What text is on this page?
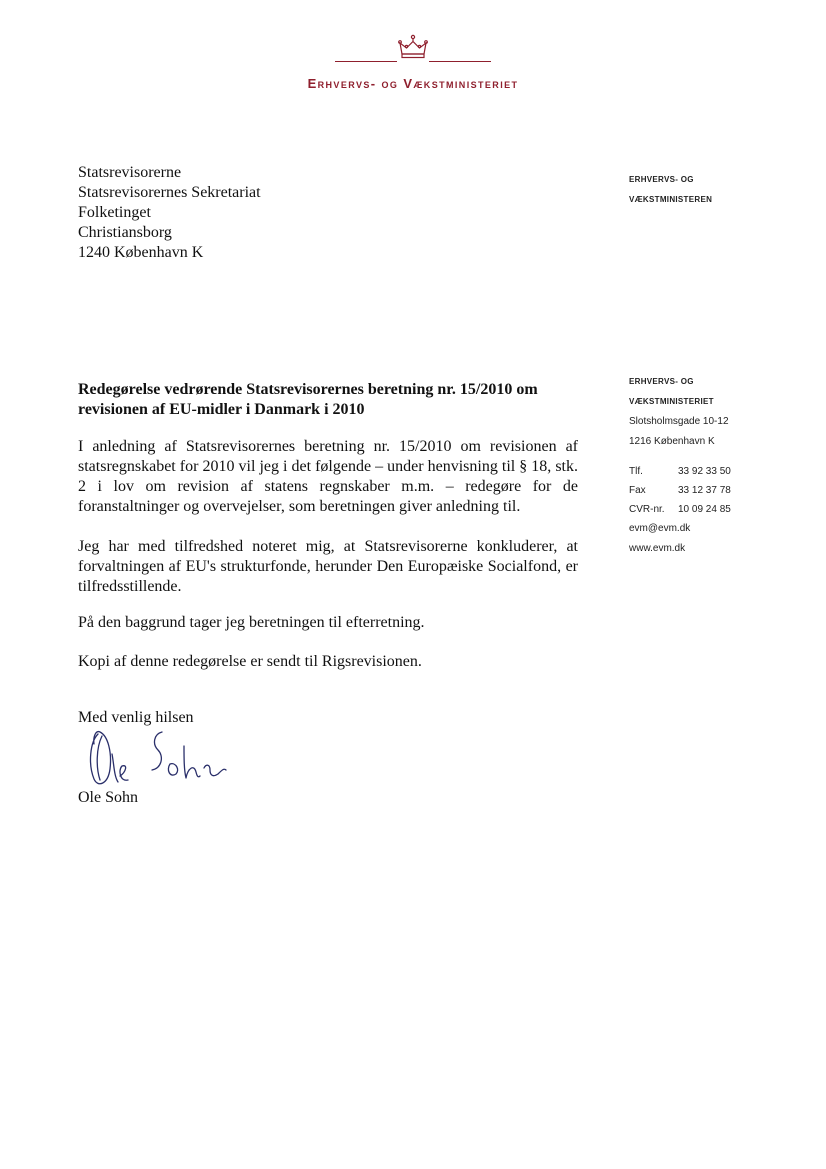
Erhvervs- og Vækstministeriet
Statsrevisorerne
Statsrevisorernes Sekretariat
Folketinget
Christiansborg
1240 København K
ERHVERVS- OG
VÆKSTMINISTEREN
ERHVERVS- OG
VÆKSTMINISTERIET
Slotsholmsgade 10-12
1216 København K
Tlf.	33 92 33 50
Fax	33 12 37 78
CVR-nr.	10 09 24 85
evm@evm.dk
www.evm.dk
Redegørelse vedrørende Statsrevisorernes beretning nr. 15/2010 om revisionen af EU-midler i Danmark i 2010
I anledning af Statsrevisorernes beretning nr. 15/2010 om revisionen af statsregnskabet for 2010 vil jeg i det følgende – under henvisning til § 18, stk. 2 i lov om revision af statens regnskaber m.m. – redegøre for de foranstaltninger og overvejelser, som beretningen giver anledning til.
Jeg har med tilfredshed noteret mig, at Statsrevisorerne konkluderer, at forvaltningen af EU's strukturfonde, herunder Den Europæiske Socialfond, er tilfredsstillende.
På den baggrund tager jeg beretningen til efterretning.
Kopi af denne redegørelse er sendt til Rigsrevisionen.
Med venlig hilsen
Ole Sohn
